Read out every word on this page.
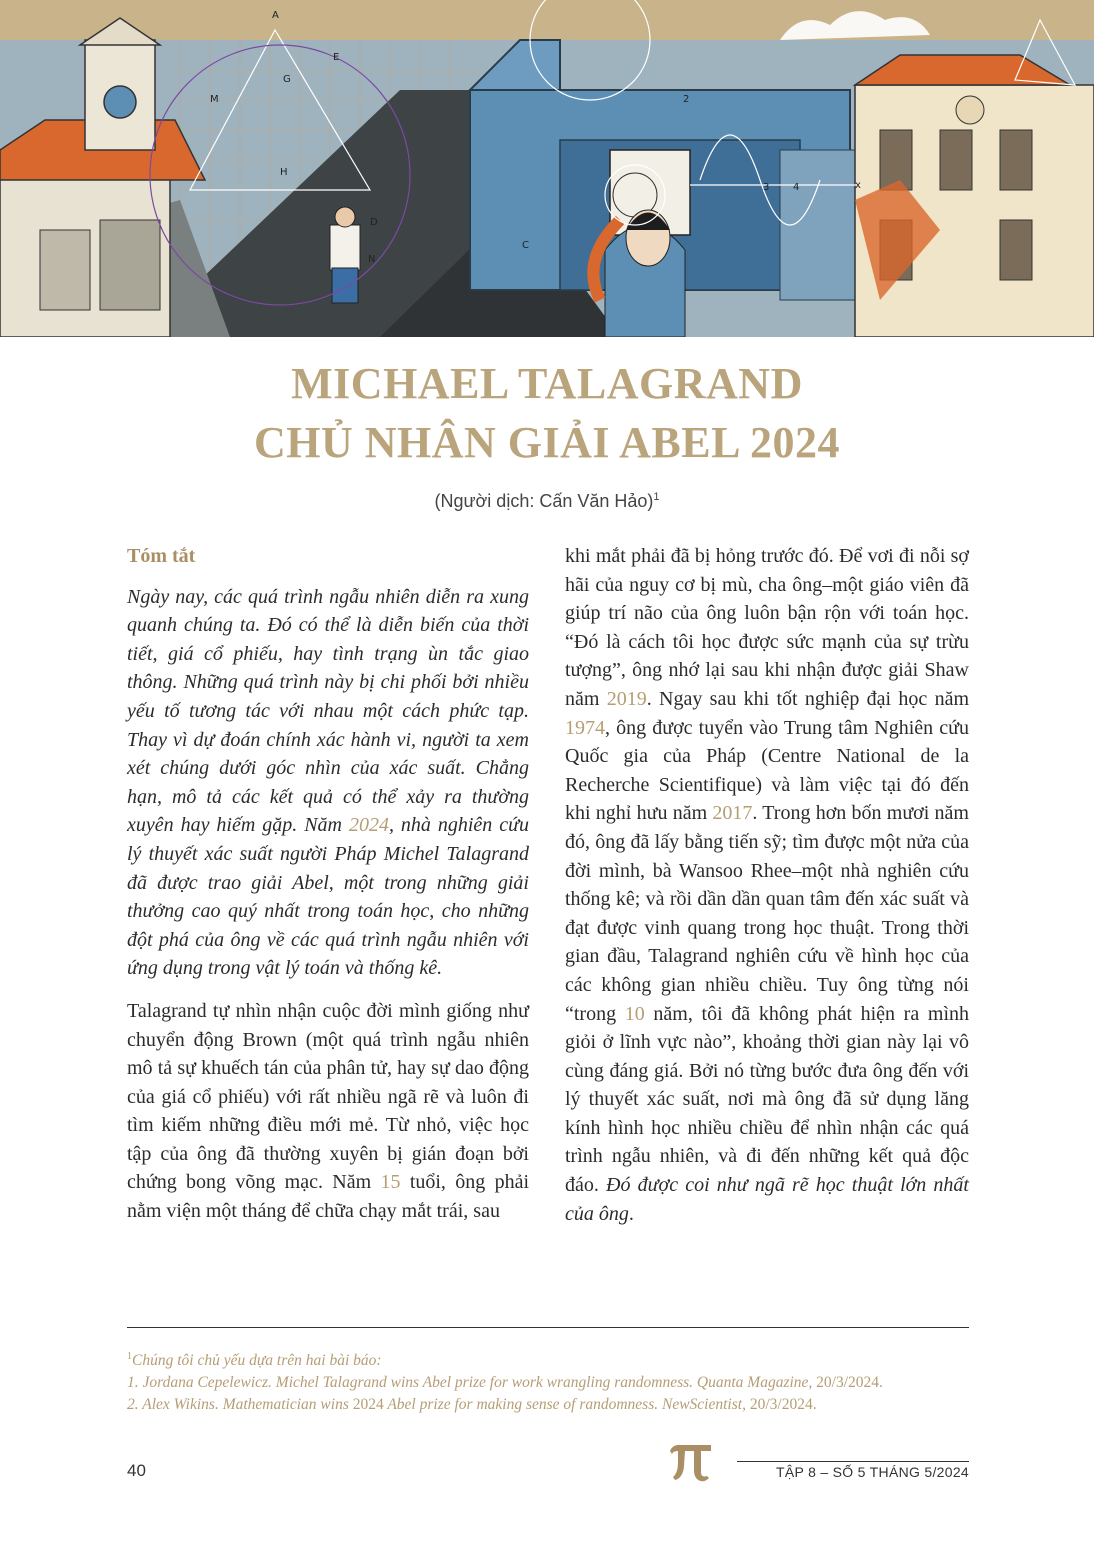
A
E
G
M
H
D
N
C
x
2
3 4
MICHAEL TALAGRAND
CHỦ NHÂN GIẢI ABEL 2024
(Người dịch: Cấn Văn Hảo)$^1$

Tóm tắt

Ngày nay, các quá trình ngẫu nhiên diễn ra xung quanh chúng ta. Đó có thể là diễn biến của thời tiết, giá cổ phiếu, hay tình trạng ùn tắc giao thông. Những quá trình này bị chi phối bởi nhiều yếu tố tương tác với nhau một cách phức tạp. Thay vì dự đoán chính xác hành vi, người ta xem xét chúng dưới góc nhìn của xác suất. Chẳng hạn, mô tả các kết quả có thể xảy ra thường xuyên hay hiếm gặp. Năm 2024, nhà nghiên cứu lý thuyết xác suất người Pháp Michel Talagrand đã được trao giải Abel, một trong những giải thưởng cao quý nhất trong toán học, cho những đột phá của ông về các quá trình ngẫu nhiên với ứng dụng trong vật lý toán và thống kê.

Talagrand tự nhìn nhận cuộc đời mình giống như chuyển động Brown (một quá trình ngẫu nhiên mô tả sự khuếch tán của phân tử, hay sự dao động của giá cổ phiếu) với rất nhiều ngã rẽ và luôn đi tìm kiếm những điều mới mẻ. Từ nhỏ, việc học tập của ông đã thường xuyên bị gián đoạn bởi chứng bong võng mạc. Năm 15 tuổi, ông phải nằm viện một tháng để chữa chạy mắt trái, sau

khi mắt phải đã bị hỏng trước đó. Để vơi đi nỗi sợ hãi của nguy cơ bị mù, cha ông–một giáo viên đã giúp trí não của ông luôn bận rộn với toán học. “Đó là cách tôi học được sức mạnh của sự trừu tượng”, ông nhớ lại sau khi nhận được giải Shaw năm 2019. Ngay sau khi tốt nghiệp đại học năm 1974, ông được tuyển vào Trung tâm Nghiên cứu Quốc gia của Pháp (Centre National de la Recherche Scientifique) và làm việc tại đó đến khi nghỉ hưu năm 2017. Trong hơn bốn mươi năm đó, ông đã lấy bằng tiến sỹ; tìm được một nửa của đời mình, bà Wansoo Rhee–một nhà nghiên cứu thống kê; và rồi dần dần quan tâm đến xác suất và đạt được vinh quang trong học thuật. Trong thời gian đầu, Talagrand nghiên cứu về hình học của các không gian nhiều chiều. Tuy ông từng nói “trong 10 năm, tôi đã không phát hiện ra mình giỏi ở lĩnh vực nào”, khoảng thời gian này lại vô cùng đáng giá. Bởi nó từng bước đưa ông đến với lý thuyết xác suất, nơi mà ông đã sử dụng lăng kính hình học nhiều chiều để nhìn nhận các quá trình ngẫu nhiên, và đi đến những kết quả độc đáo. Đó được coi như ngã rẽ học thuật lớn nhất của ông.

$^1$Chúng tôi chủ yếu dựa trên hai bài báo:

1. Jordana Cepelewicz. Michel Talagrand wins Abel prize for work wrangling randomness. Quanta Magazine, 20/3/2024.

2. Alex Wikins. Mathematician wins 2024 Abel prize for making sense of randomness. NewScientist, 20/3/2024.

40	TẬP 8 – SỐ 5 THÁNG 5/2024
